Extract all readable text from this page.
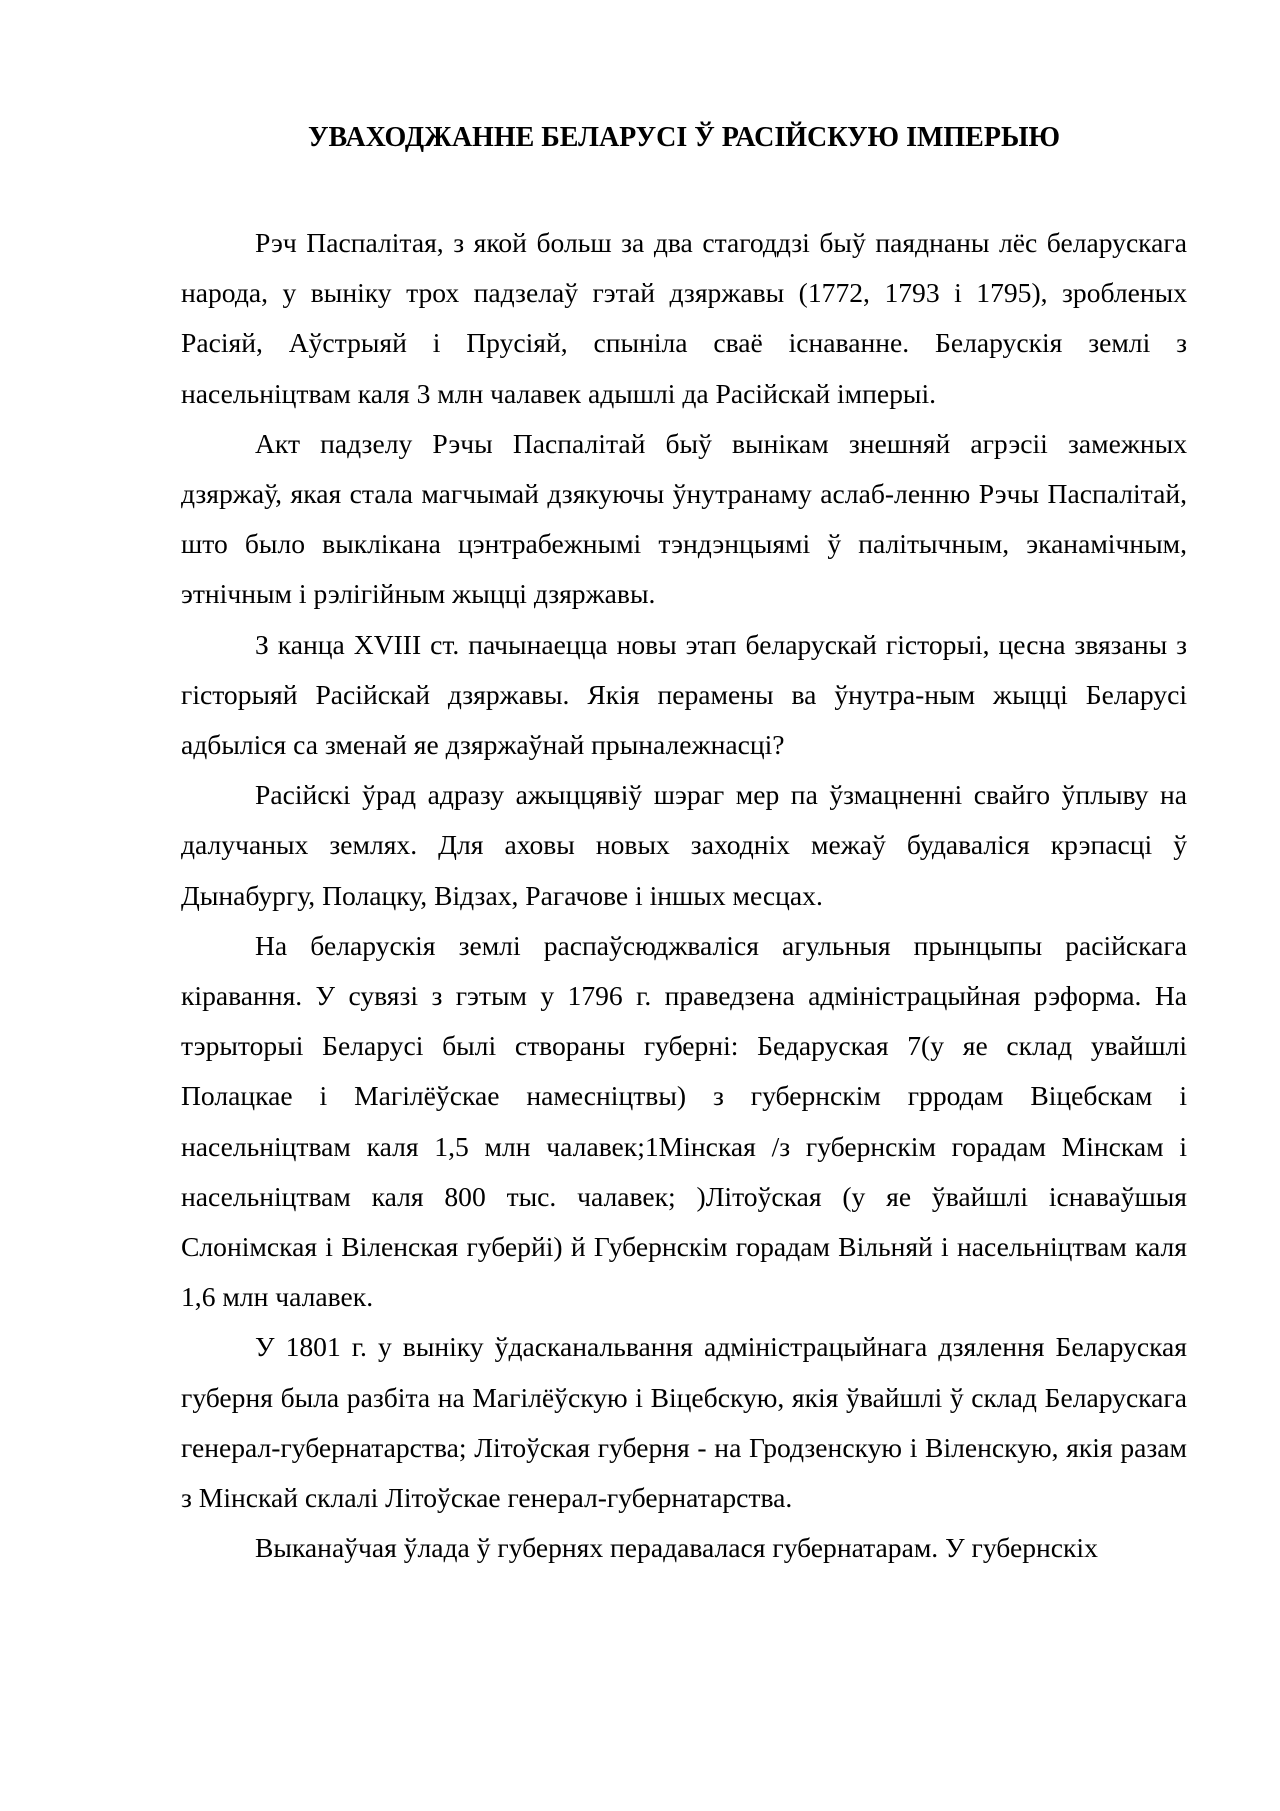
УВАХОДЖАННЕ БЕЛАРУСІ Ў РАСІЙСКУЮ ІМПЕРЫЮ

Рэч Паспалітая, з якой больш за два стагоддзі быў паяднаны лёс беларускага народа, у выніку трох падзелаў гэтай дзяржавы (1772, 1793 і 1795), зробленых Расіяй, Аўстрыяй і Прусіяй, спыніла сваё існаванне. Беларускія землі з насельніцтвам каля 3 млн чалавек адышлі да Расійскай імперыі.

Акт падзелу Рэчы Паспалітай быў вынікам знешняй агрэсіі замежных дзяржаў, якая стала магчымай дзякуючы ўнутранаму аслаб-ленню Рэчы Паспалітай, што было выклікана цэнтрабежнымі тэндэнцыямі ў палітычным, эканамічным, этнічным і рэлігійным жыцці дзяржавы.

З канца XVIII ст. пачынаецца новы этап беларускай гісторыі, цесна звязаны з гісторыяй Расійскай дзяржавы. Якія перамены ва ўнутра-ным жыцці Беларусі адбыліся са зменай яе дзяржаўнай прыналежнасці?

Расійскі ўрад адразу ажыццявіў шэраг мер па ўзмацненні свайго ўплыву на далучаных землях. Для аховы новых заходніх межаў будаваліся крэпасці ў Дынабургу, Полацку, Відзах, Рагачове і іншых месцах.

На беларускія землі распаўсюджваліся агульныя прынцыпы расійскага кіравання. У сувязі з гэтым у 1796 г. праведзена адміністрацыйная рэформа. На тэрыторыі Беларусі былі створаны губерні: Бедаруская 7(у яе склад увайшлі Полацкае і Магілёўскае намесніцтвы) з губернскім грродам Віцебскам і насельніцтвам каля 1,5 млн чалавек;1Мінская /з губернскім горадам Мінскам і насельніцтвам каля 800 тыс. чалавек; )Літоўская (у яе ўвайшлі існаваўшыя Слонімская і Віленская губерйі) й Губернскім горадам Вільняй і насельніцтвам каля 1,6 млн чалавек.

У 1801 г. у выніку ўдасканальвання адміністрацыйнага дзялення Беларуская губерня была разбіта на Магілёўскую і Віцебскую, якія ўвайшлі ў склад Беларускага генерал-губернатарства; Літоўская губерня - на Гродзенскую і Віленскую, якія разам з Мінскай склалі Літоўскае генерал-губернатарства.

Выканаўчая ўлада ў губернях перадавалася губернатарам. У губернскіх
